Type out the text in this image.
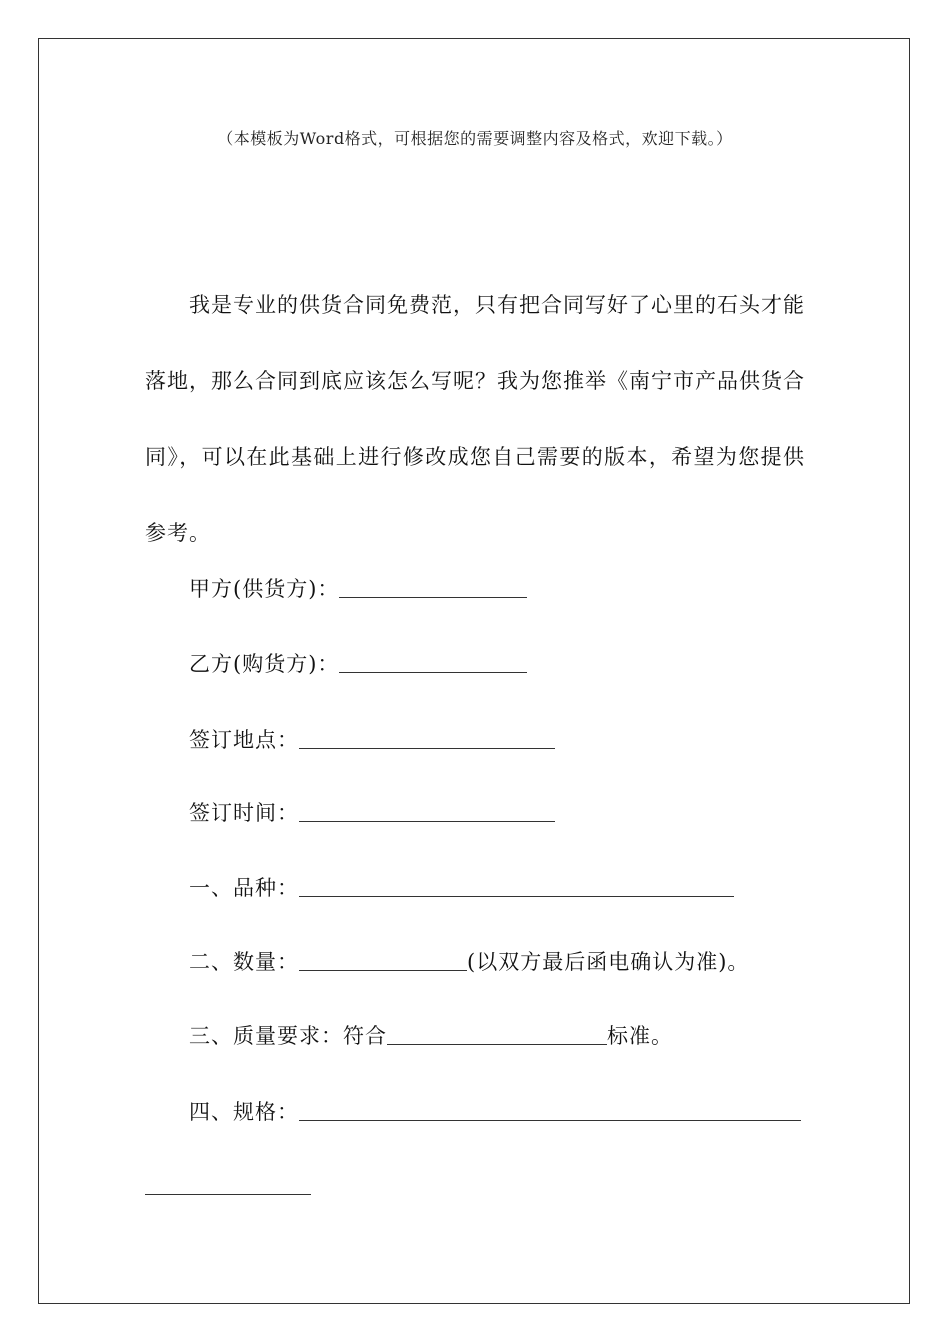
（本模板为Word格式，可根据您的需要调整内容及格式，欢迎下载。）

我是专业的供货合同免费范，只有把合同写好了心里的石头才能落地，那么合同到底应该怎么写呢？我为您推举《南宁市产品供货合同》，可以在此基础上进行修改成您自己需要的版本，希望为您提供参考。

甲方(供货方)：
乙方(购货方)：
签订地点：
签订时间：
一、品种：
二、数量：	(以双方最后函电确认为准)。
三、质量要求：符合	标准。
四、规格：
